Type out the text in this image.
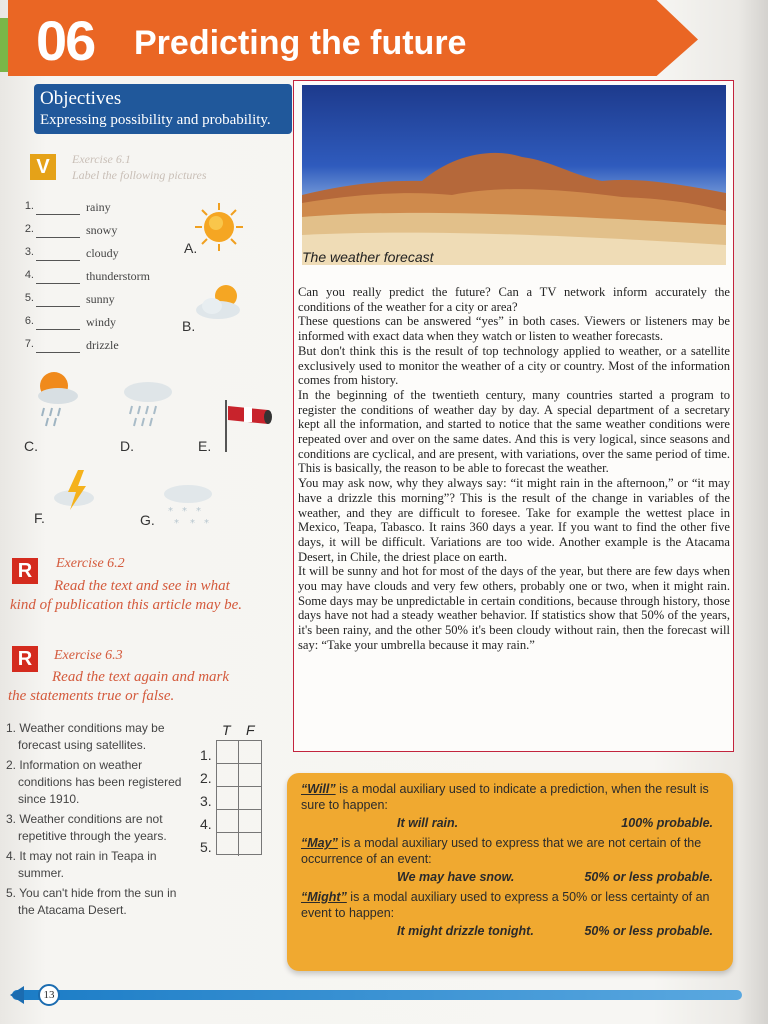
06 Predicting the future
Objectives
Expressing possibility and probability.
V	Exercise 6.1
Label the following pictures
1.	rainy
2.	snowy
3.	cloudy
4.	thunderstorm
5.	sunny
6.	windy
7.	drizzle
A.
B.
C.	D.	E.
F.	* * *
* * *
G.
R	Exercise 6.2
Read the text and see in what
kind of publication this article may be.
R	Exercise 6.3
Read the text again and mark
the statements true or false.
1. Weather conditions may be forecast using satellites.
2. Information on weather conditions has been registered since 1910.
3. Weather conditions are not repetitive through the years.
4. It may not rain in Teapa in summer.
5. You can't hide from the sun in the Atacama Desert.
T F
1.
2.
3.
4.
5.
The weather forecast

Can you really predict the future? Can a TV network inform accurately the conditions of the weather for a city or area?

These questions can be answered “yes” in both cases. Viewers or listeners may be informed with exact data when they watch or listen to weather forecasts.

But don't think this is the result of top technology applied to weather, or a satellite exclusively used to monitor the weather of a city or country. Most of the information comes from history.

In the beginning of the twentieth century, many countries started a program to register the conditions of weather day by day. A special department of a secretary kept all the information, and started to notice that the same weather conditions were repeated over and over on the same dates. And this is very logical, since seasons and conditions are cyclical, and are present, with variations, over the same period of time. This is basically, the reason to be able to forecast the weather.

You may ask now, why they always say: “it might rain in the afternoon,” or “it may have a drizzle this morning”? This is the result of the change in variables of the weather, and they are difficult to foresee. Take for example the wettest place in Mexico, Teapa, Tabasco. It rains 360 days a year. If you want to find the other five days, it will be difficult. Variations are too wide. Another example is the Atacama Desert, in Chile, the driest place on earth.

It will be sunny and hot for most of the days of the year, but there are few days when you may have clouds and very few others, probably one or two, when it might rain. Some days may be unpredictable in certain conditions, because through history, those days have not had a steady weather behavior. If statistics show that 50% of the years, it's been rainy, and the other 50% it's been cloudy without rain, then the forecast will say: “Take your umbrella because it may rain.”

“Will” is a modal auxiliary used to indicate a prediction, when the result is sure to happen:
It will rain.	100% probable.
“May” is a modal auxiliary used to express that we are not certain of the occurrence of an event:
We may have snow.	50% or less probable.
“Might” is a modal auxiliary used to express a 50% or less certainty of an event to happen:
It might drizzle tonight.	50% or less probable.
13
